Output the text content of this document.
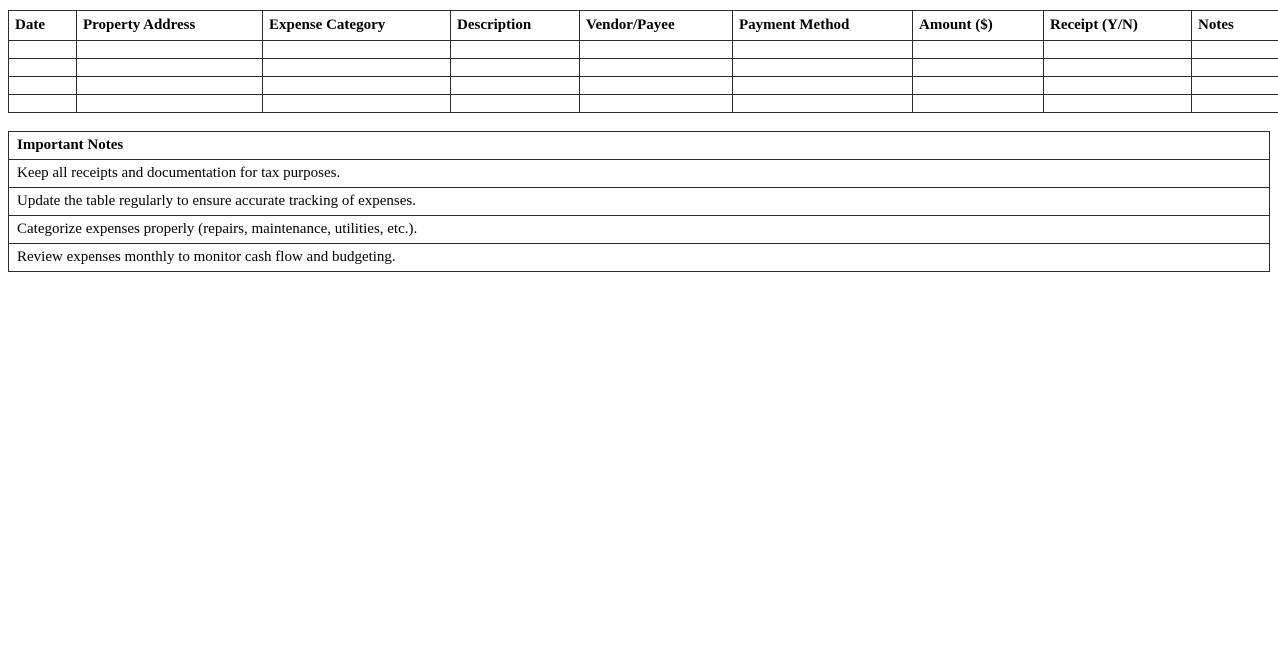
Date	Property Address	Expense Category	Description	Vendor/Payee	Payment Method	Amount ($)	Receipt (Y/N)	Notes

Important Notes
Keep all receipts and documentation for tax purposes.
Update the table regularly to ensure accurate tracking of expenses.
Categorize expenses properly (repairs, maintenance, utilities, etc.).
Review expenses monthly to monitor cash flow and budgeting.
